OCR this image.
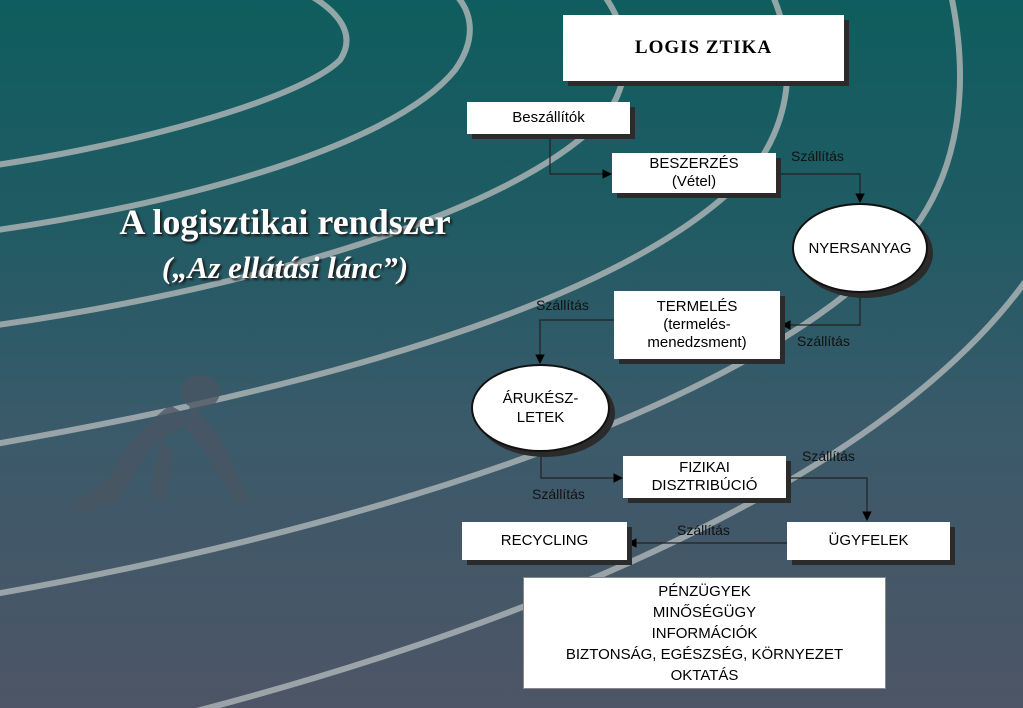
A logisztikai rendszer
(„Az ellátási lánc”)
LOGIS ZTIKA
Beszállítók
BESZERZÉS
(Vétel)
NYERSANYAG
TERMELÉS
(termelés-
menedzsment)
ÁRUKÉSZ-
LETEK
FIZIKAI
DISZTRIBÚCIÓ
RECYCLING	ÜGYFELEK
Szállítás
Szállítás
Szállítás
Szállítás
Szállítás
Szállítás
PÉNZÜGYEK
MINŐSÉGÜGY
INFORMÁCIÓK
BIZTONSÁG, EGÉSZSÉG, KÖRNYEZET
OKTATÁS
